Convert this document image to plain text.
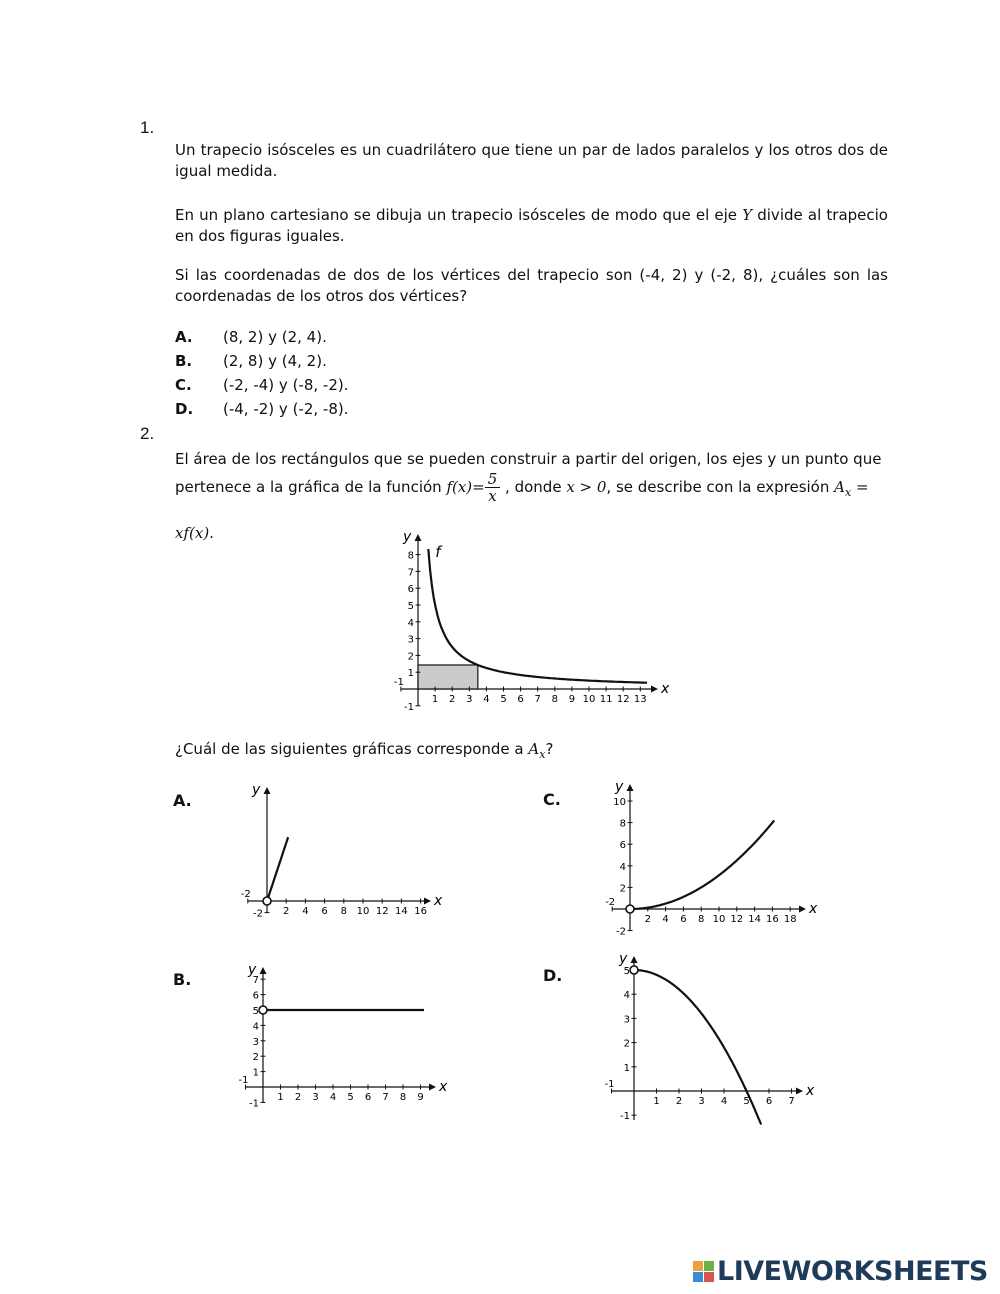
1.
Un trapecio isósceles es un cuadrilátero que tiene un par de lados paralelos y los otros dos de igual medida.
En un plano cartesiano se dibuja un trapecio isósceles de modo que el eje Y divide al trapecio en dos figuras iguales.
Si las coordenadas de dos de los vértices del trapecio son (-4, 2) y (-2, 8), ¿cuáles son las coordenadas de los otros dos vértices?
A. (8, 2) y (2, 4).
B. (2, 8) y (4, 2).
C. (-2, -4) y (-8, -2).
D. (-4, -2) y (-2, -8).
2.
El área de los rectángulos que se pueden construir a partir del origen, los ejes y un punto que
pertenece a la gráfica de la función $f(x)= \frac{5}{x}$ , donde x > 0, se describe con la expresión $A_x = xf(x)$.
x
y
-1
1 2 3 4 5 6 7 8 9 10 11 12 13
-1
1
2
3
4
5
6
7
8 f
¿Cuál de las siguientes gráficas corresponde a $A_x$?
A.	C.
B.	D.
x
y
-2
2 4 6 8 10 12 14 16
-2	x
y
-2
2 4 6 8 10 12 14 16 18
-2
2
4
6
8
10
x
y
-1
1 2 3 4 5 6 7 8 9
-1
1
2
3
4
5
6
7
x
y
-1
1 2 3 4 5 6 7
-1
1
2
3
4
5
LIVEWORKSHEETS
